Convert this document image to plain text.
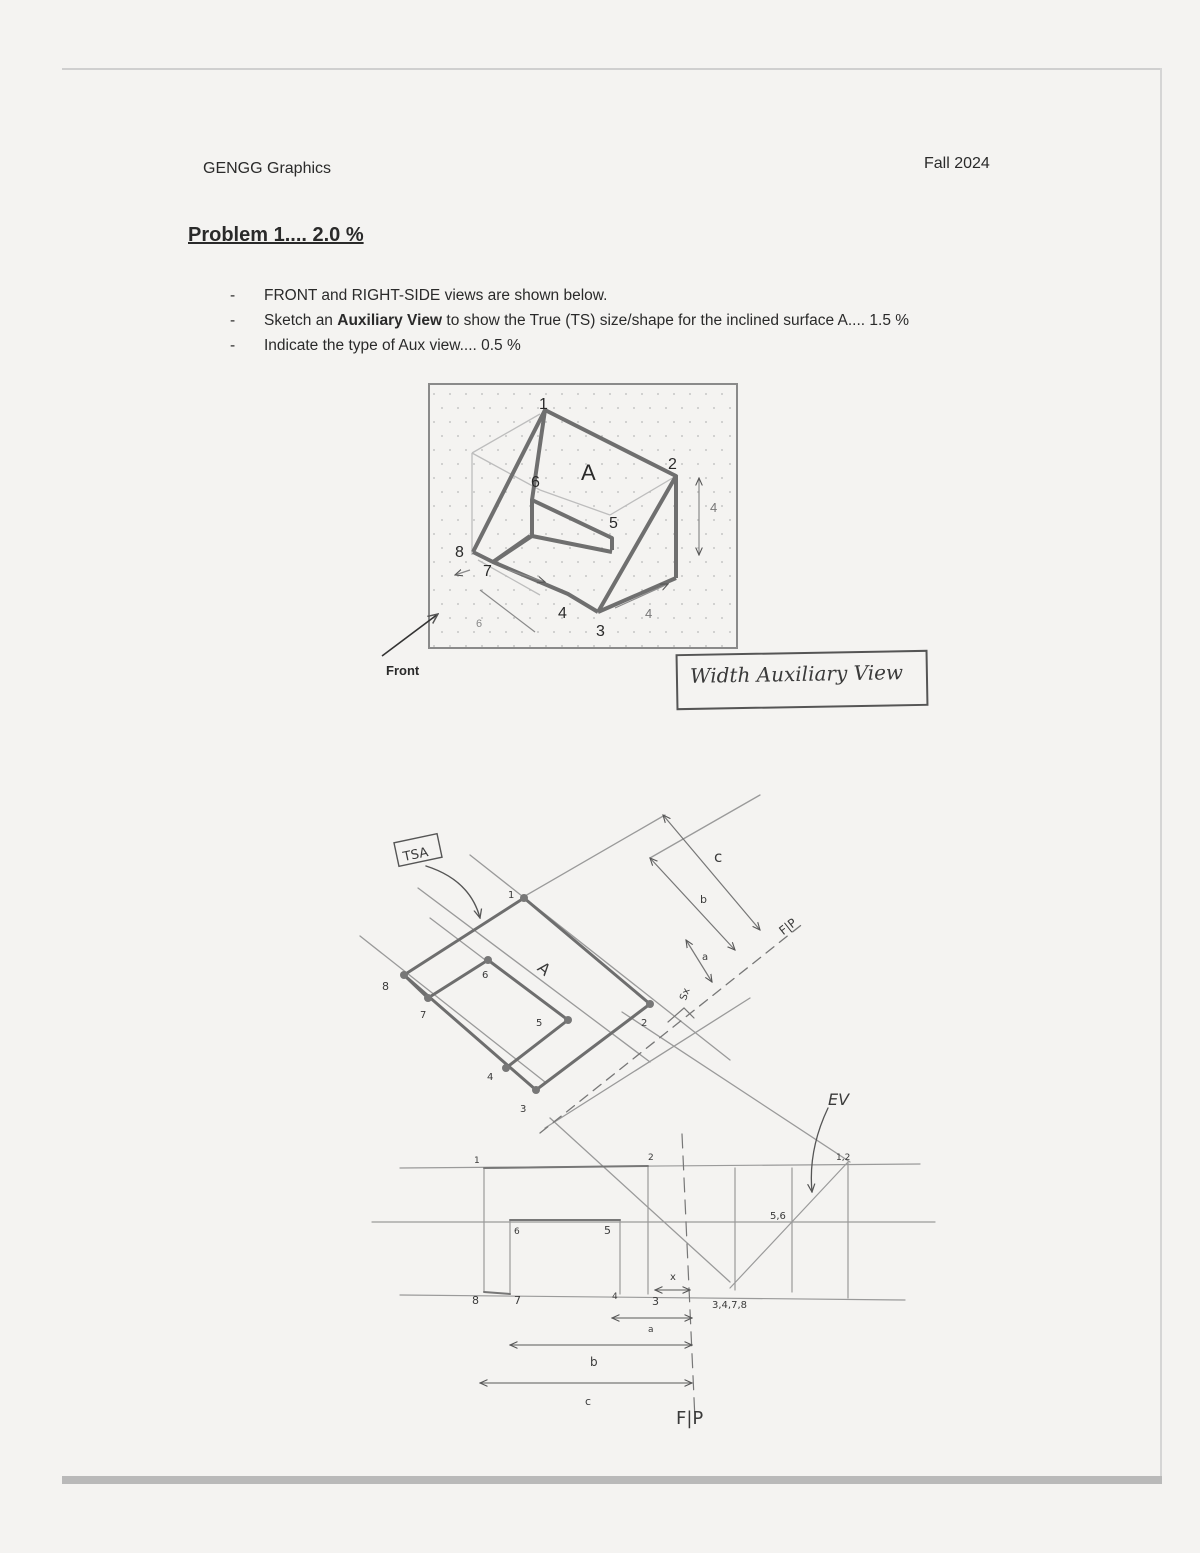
GENGG Graphics	Fall 2024
Problem 1.... 2.0 %
- FRONT and RIGHT-SIDE views are shown below.
- Sketch an Auxiliary View to show the True (TS) size/shape for the inclined surface A.... 1.5 %
- Indicate the type of Aux view.... 0.5 %
Front	Width Auxiliary View
A
1
2
3
4
5
6
7
8
4
4
6
TSA
A
EV
F|P
F|P
c
b
a
Sx
1
6
8
7
5
4
3
2
1	2
6	5
8	7	4	3
1,2
5,6
3,4,7,8
x
a
b
c
